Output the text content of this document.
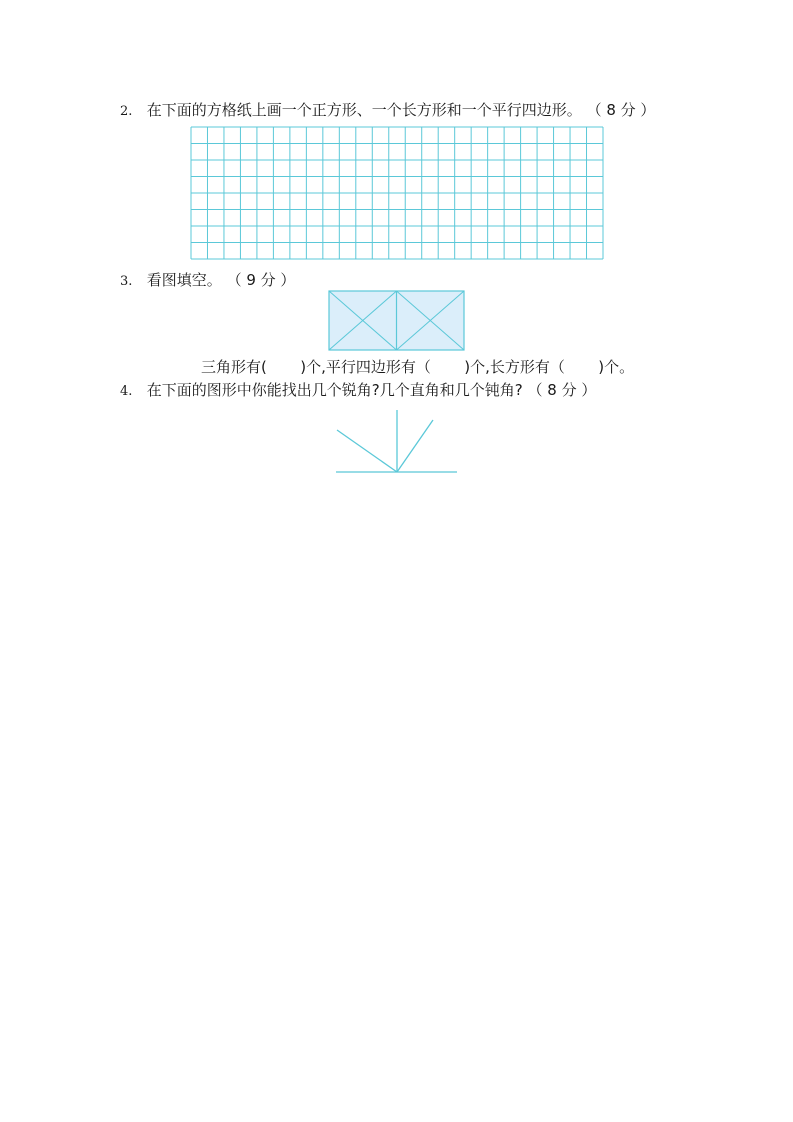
2. 在下面的方格纸上画一个正方形、一个长方形和一个平行四边形。 （ 8 分 ）
3. 看图填空。 （ 9 分 ）
三角形有(       )个,平行四边形有（       )个,长方形有（       )个。
4. 在下面的图形中你能找出几个锐角?几个直角和几个钝角? （ 8 分 ）
